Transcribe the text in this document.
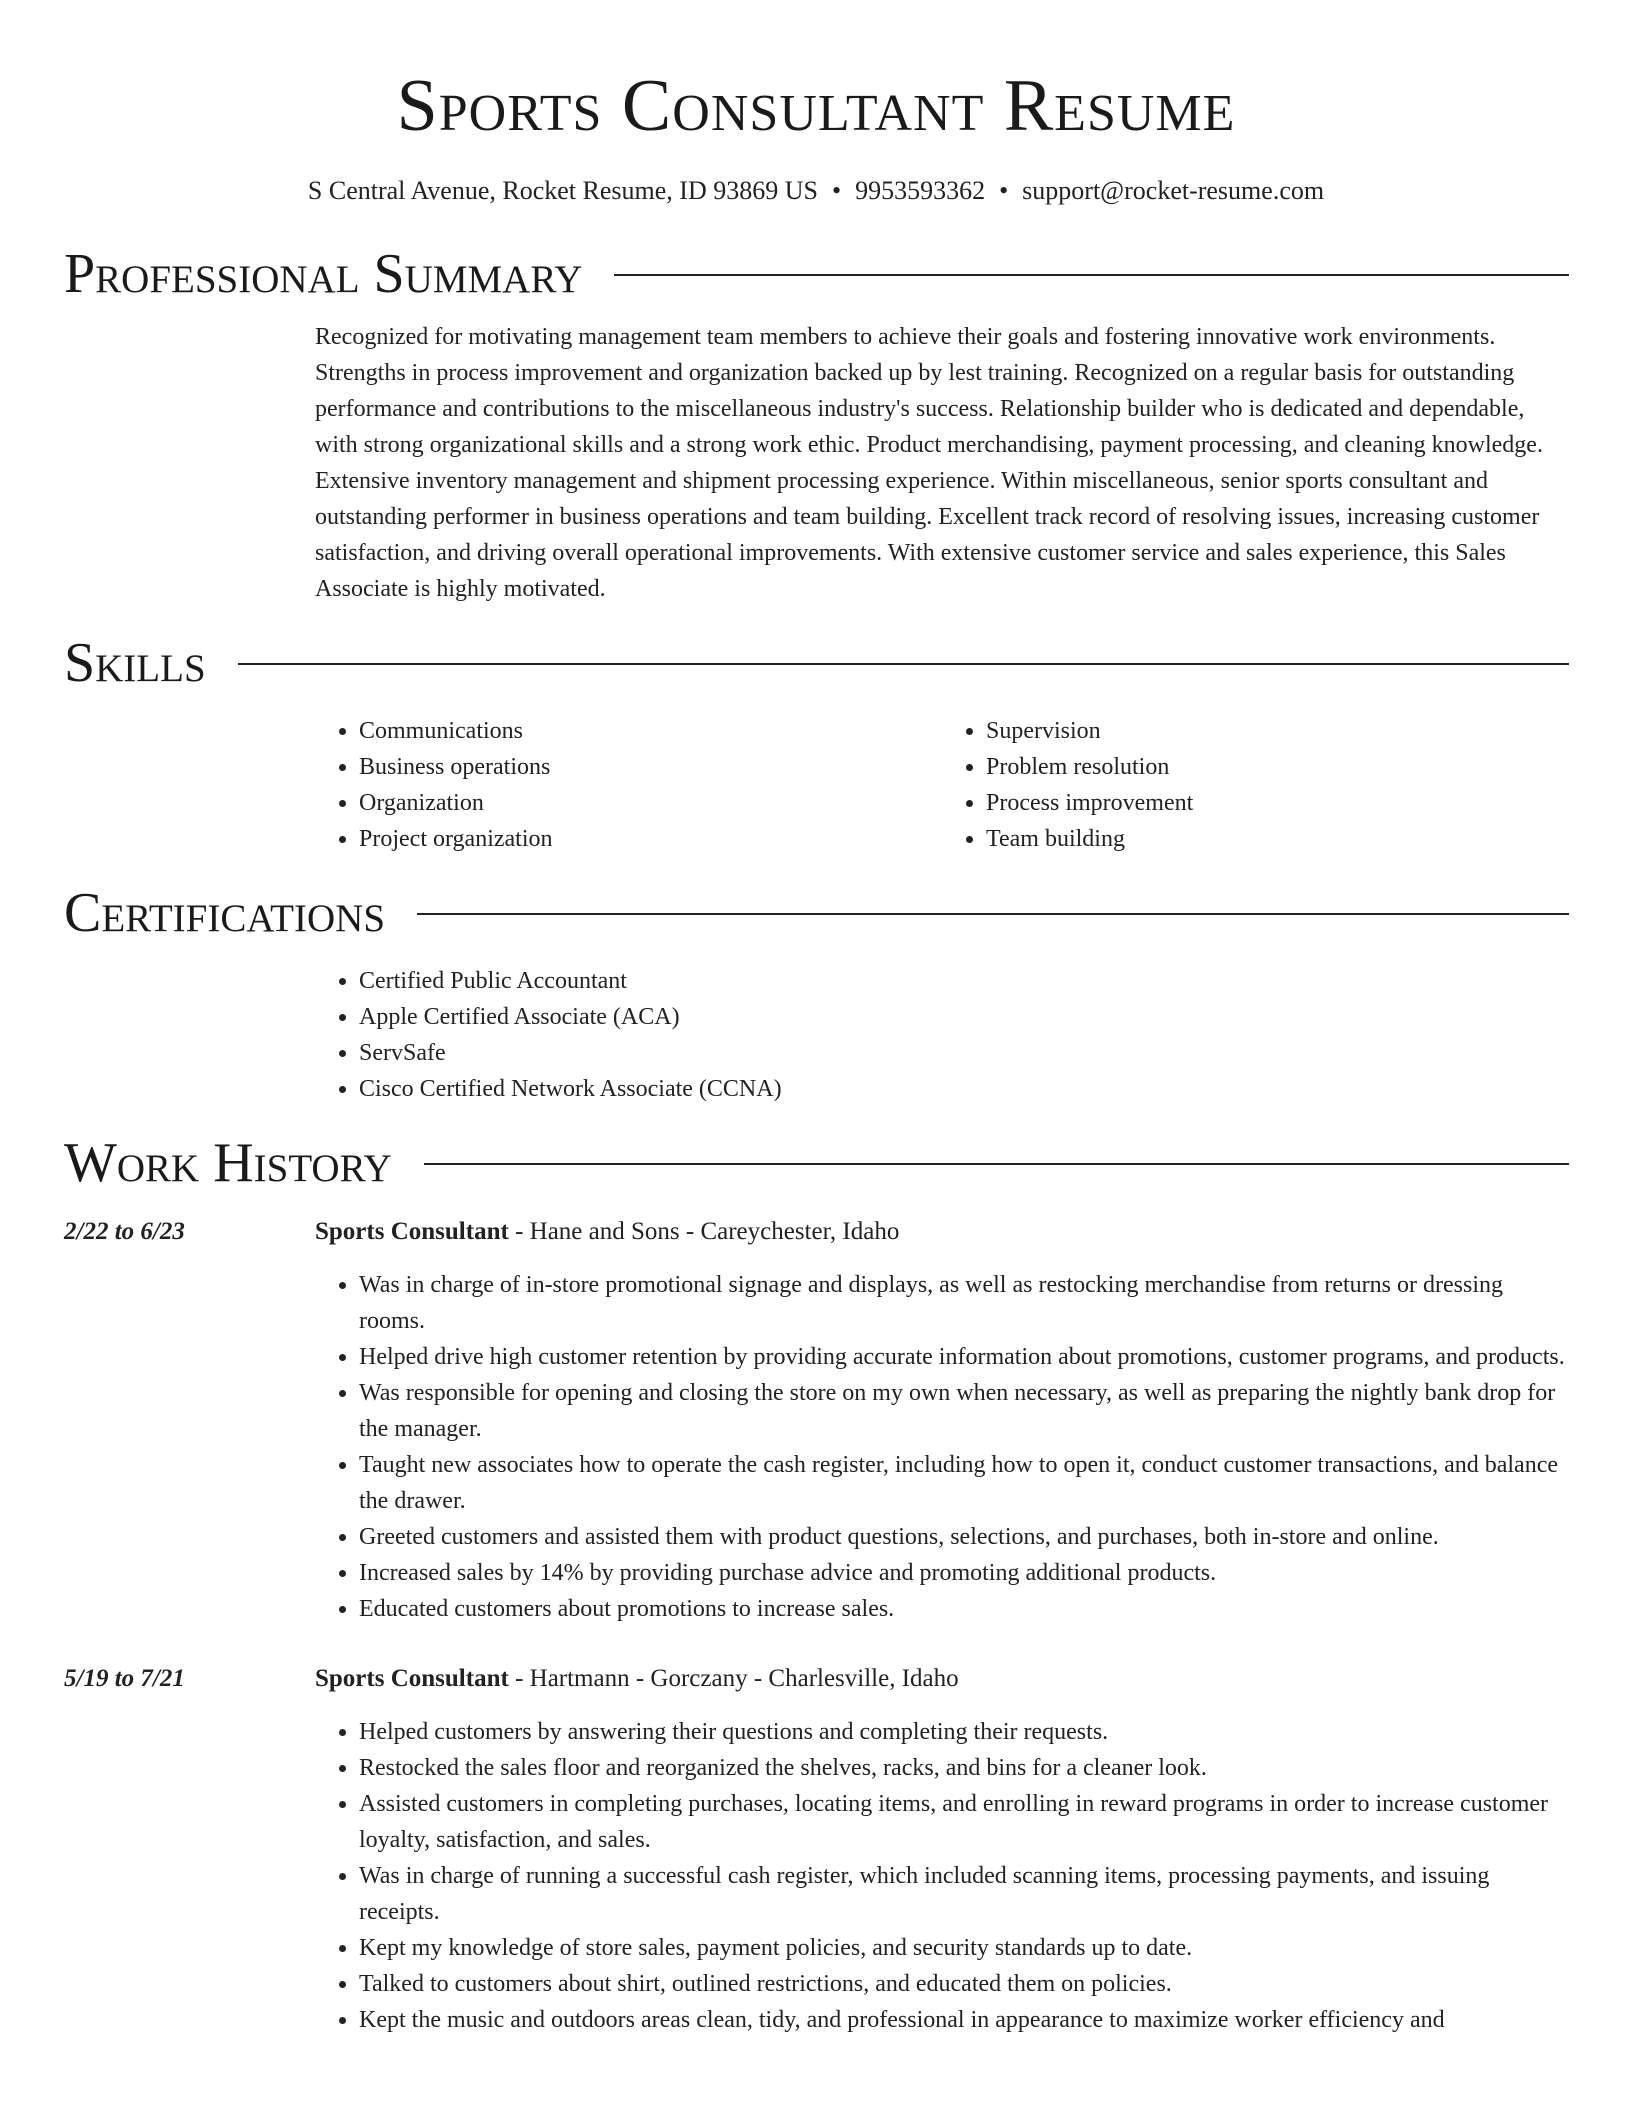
Sports Consultant Resume
S Central Avenue, Rocket Resume, ID 93869 US • 9953593362 • support@rocket-resume.com
Professional Summary

Recognized for motivating management team members to achieve their goals and fostering innovative work environments. Strengths in process improvement and organization backed up by lest training. Recognized on a regular basis for outstanding performance and contributions to the miscellaneous industry's success. Relationship builder who is dedicated and dependable, with strong organizational skills and a strong work ethic. Product merchandising, payment processing, and cleaning knowledge. Extensive inventory management and shipment processing experience. Within miscellaneous, senior sports consultant and outstanding performer in business operations and team building. Excellent track record of resolving issues, increasing customer satisfaction, and driving overall operational improvements. With extensive customer service and sales experience, this Sales Associate is highly motivated.

Skills
• Communications
• Business operations
• Organization
• Project organization
• Supervision
• Problem resolution
• Process improvement
• Team building
Certifications
• Certified Public Accountant
• Apple Certified Associate (ACA)
• ServSafe
• Cisco Certified Network Associate (CCNA)
Work History
2/22 to 6/23	Sports Consultant - Hane and Sons - Careychester, Idaho
• Was in charge of in-store promotional signage and displays, as well as restocking merchandise from returns or dressing rooms.
• Helped drive high customer retention by providing accurate information about promotions, customer programs, and products.
• Was responsible for opening and closing the store on my own when necessary, as well as preparing the nightly bank drop for the manager.
• Taught new associates how to operate the cash register, including how to open it, conduct customer transactions, and balance the drawer.
• Greeted customers and assisted them with product questions, selections, and purchases, both in-store and online.
• Increased sales by 14% by providing purchase advice and promoting additional products.
• Educated customers about promotions to increase sales.
5/19 to 7/21	Sports Consultant - Hartmann - Gorczany - Charlesville, Idaho
• Helped customers by answering their questions and completing their requests.
• Restocked the sales floor and reorganized the shelves, racks, and bins for a cleaner look.
• Assisted customers in completing purchases, locating items, and enrolling in reward programs in order to increase customer loyalty, satisfaction, and sales.
• Was in charge of running a successful cash register, which included scanning items, processing payments, and issuing receipts.
• Kept my knowledge of store sales, payment policies, and security standards up to date.
• Talked to customers about shirt, outlined restrictions, and educated them on policies.
• Kept the music and outdoors areas clean, tidy, and professional in appearance to maximize worker efficiency and
